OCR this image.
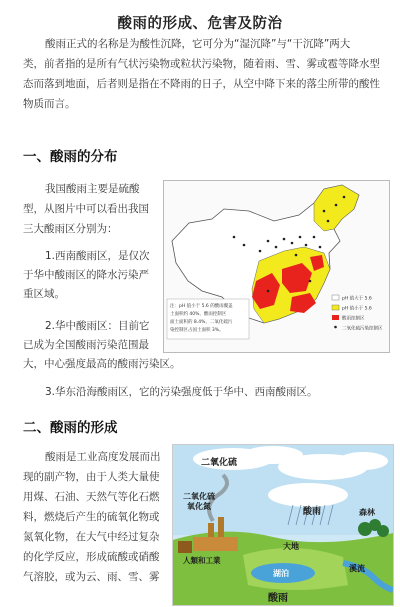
酸雨的形成、危害及防治

酸雨正式的名称是为酸性沉降，它可分为“湿沉降”与“干沉降”两大

类，前者指的是所有气状污染物或粒状污染物，随着雨、雪、雾或雹等降水型

态而落到地面，后者则是指在不降雨的日子，从空中降下来的落尘所带的酸性

物质而言。

一、酸雨的分布

我国酸雨主要是硫酸

型，从图片中可以看出我国

三大酸雨区分别为：

1.西南酸雨区，是仅次

于华中酸雨区的降水污染严

重区域。

2.华中酸雨区：目前它

已成为全国酸雨污染范围最

大，中心强度最高的酸雨污染区。

3.华东沿海酸雨区，它的污染强度低于华中、西南酸雨区。

注：pH 值小于 5.6 的酸雨覆盖
土面积约 40%，酸雨控制区
面土面积的 8.4%，二氧化硫污
染控制区占国土面积 3%。
pH 值大于 5.6
pH 值小于 5.6
酸雨控制区
二氧化硫污染控制区
二、酸雨的形成

酸雨是工业高度发展而出

现的副产物，由于人类大量使

用煤、石油、天然气等化石燃

料，燃烧后产生的硫氧化物或

氮氧化物，在大气中经过复杂

的化学反应，形成硫酸或硝酸

气溶胶，或为云、雨、雪、雾

二氧化硫
二氧化硫
氧化氮
酸雨	森林
人類和工業
大地
湖泊
溪流
酸雨
